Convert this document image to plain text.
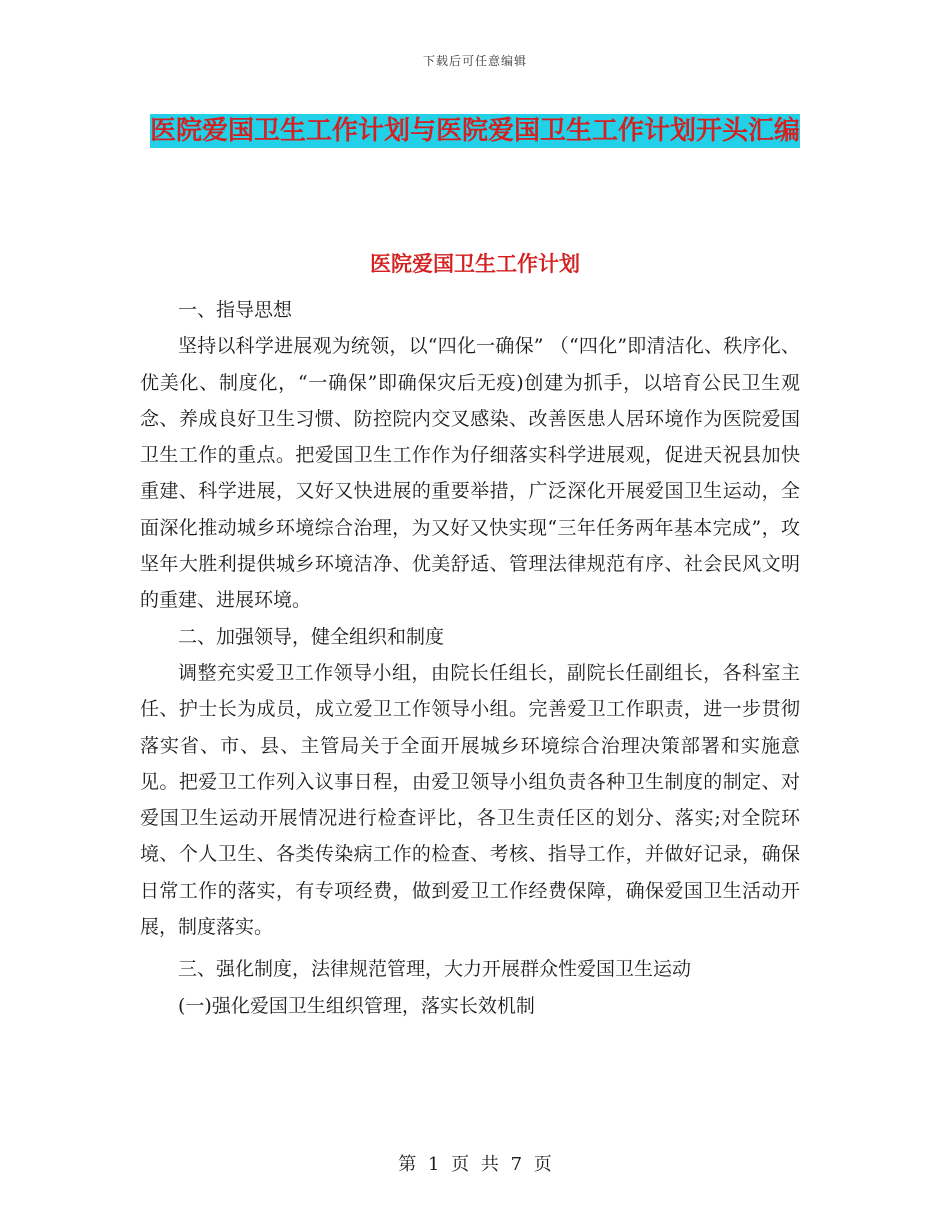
下载后可任意编辑
医院爱国卫生工作计划与医院爱国卫生工作计划开头汇编
医院爱国卫生工作计划

一、指导思想

坚持以科学进展观为统领，以“四化一确保” （“四化”即清洁化、秩序化、优美化、制度化，“一确保”即确保灾后无疫)创建为抓手，以培育公民卫生观念、养成良好卫生习惯、防控院内交叉感染、改善医患人居环境作为医院爱国卫生工作的重点。把爱国卫生工作作为仔细落实科学进展观，促进天祝县加快重建、科学进展，又好又快进展的重要举措，广泛深化开展爱国卫生运动，全面深化推动城乡环境综合治理，为又好又快实现“三年任务两年基本完成”，攻坚年大胜利提供城乡环境洁净、优美舒适、管理法律规范有序、社会民风文明的重建、进展环境。

二、加强领导，健全组织和制度

调整充实爱卫工作领导小组，由院长任组长，副院长任副组长，各科室主任、护士长为成员，成立爱卫工作领导小组。完善爱卫工作职责，进一步贯彻落实省、市、县、主管局关于全面开展城乡环境综合治理决策部署和实施意见。把爱卫工作列入议事日程，由爱卫领导小组负责各种卫生制度的制定、对爱国卫生运动开展情况进行检查评比，各卫生责任区的划分、落实;对全院环境、个人卫生、各类传染病工作的检查、考核、指导工作，并做好记录，确保日常工作的落实，有专项经费，做到爱卫工作经费保障，确保爱国卫生活动开展，制度落实。

三、强化制度，法律规范管理，大力开展群众性爱国卫生运动

(一)强化爱国卫生组织管理，落实长效机制

第 1 页 共 7 页
